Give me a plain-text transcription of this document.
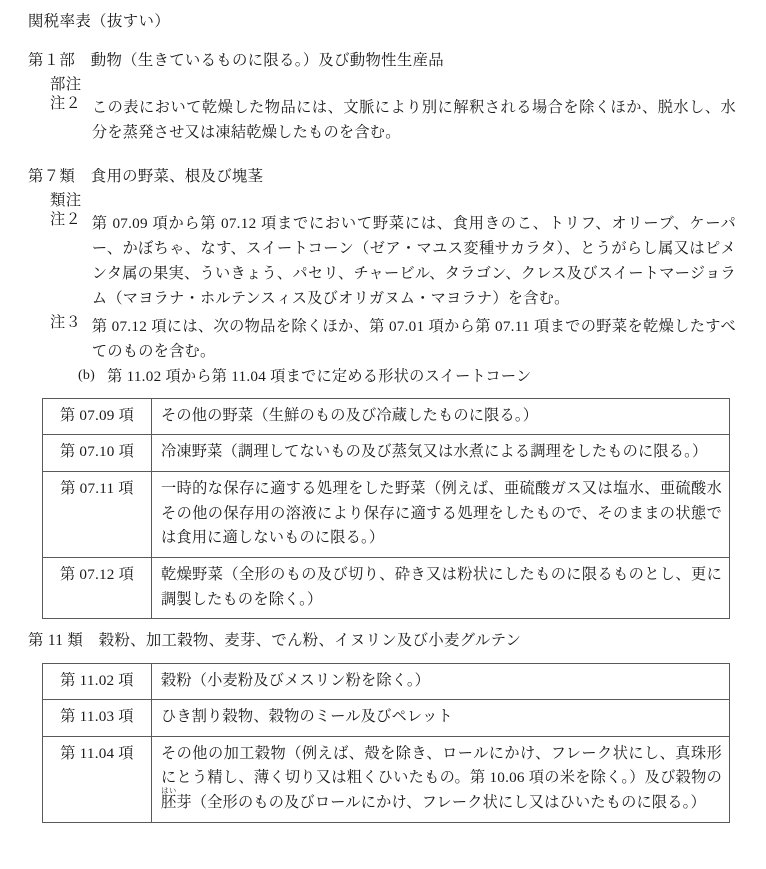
関税率表（抜すい）
第１部　動物（生きているものに限る。）及び動物性生産品
部注
注２ この表において乾燥した物品には、文脈により別に解釈される場合を除くほか、脱水し、水分を蒸発させ又は凍結乾燥したものを含む。
第７類　食用の野菜、根及び塊茎
類注
注２ 第 07.09 項から第 07.12 項までにおいて野菜には、食用きのこ、トリフ、オリーブ、ケーパー、かぼちゃ、なす、スイートコーン（ゼア・マユス変種サカラタ）、とうがらし属又はピメンタ属の果実、ういきょう、パセリ、チャービル、タラゴン、クレス及びスイートマージョラム（マヨラナ・ホルテンスィス及びオリガヌム・マヨラナ）を含む。
注３ 第 07.12 項には、次の物品を除くほか、第 07.01 項から第 07.11 項までの野菜を乾燥したすべてのものを含む。
(b) 第 11.02 項から第 11.04 項までに定める形状のスイートコーン
第 07.09 項	その他の野菜（生鮮のもの及び冷蔵したものに限る。）
第 07.10 項	冷凍野菜（調理してないもの及び蒸気又は水煮による調理をしたものに限る。）
第 07.11 項	一時的な保存に適する処理をした野菜（例えば、亜硫酸ガス又は塩水、亜硫酸水その他の保存用の溶液により保存に適する処理をしたもので、そのままの状態では食用に適しないものに限る。）
第 07.12 項	乾燥野菜（全形のもの及び切り、砕き又は粉状にしたものに限るものとし、更に調製したものを除く。）
第 11 類　穀粉、加工穀物、麦芽、でん粉、イヌリン及び小麦グルテン
第 11.02 項	穀粉（小麦粉及びメスリン粉を除く。）
第 11.03 項	ひき割り穀物、穀物のミール及びペレット
第 11.04 項	その他の加工穀物（例えば、殻を除き、ロールにかけ、フレーク状にし、真珠形にとう精し、薄く切り又は粗くひいたもの。第 10.06 項の米を除く。）及び穀物の胚はい芽（全形のもの及びロールにかけ、フレーク状にし又はひいたものに限る。）
